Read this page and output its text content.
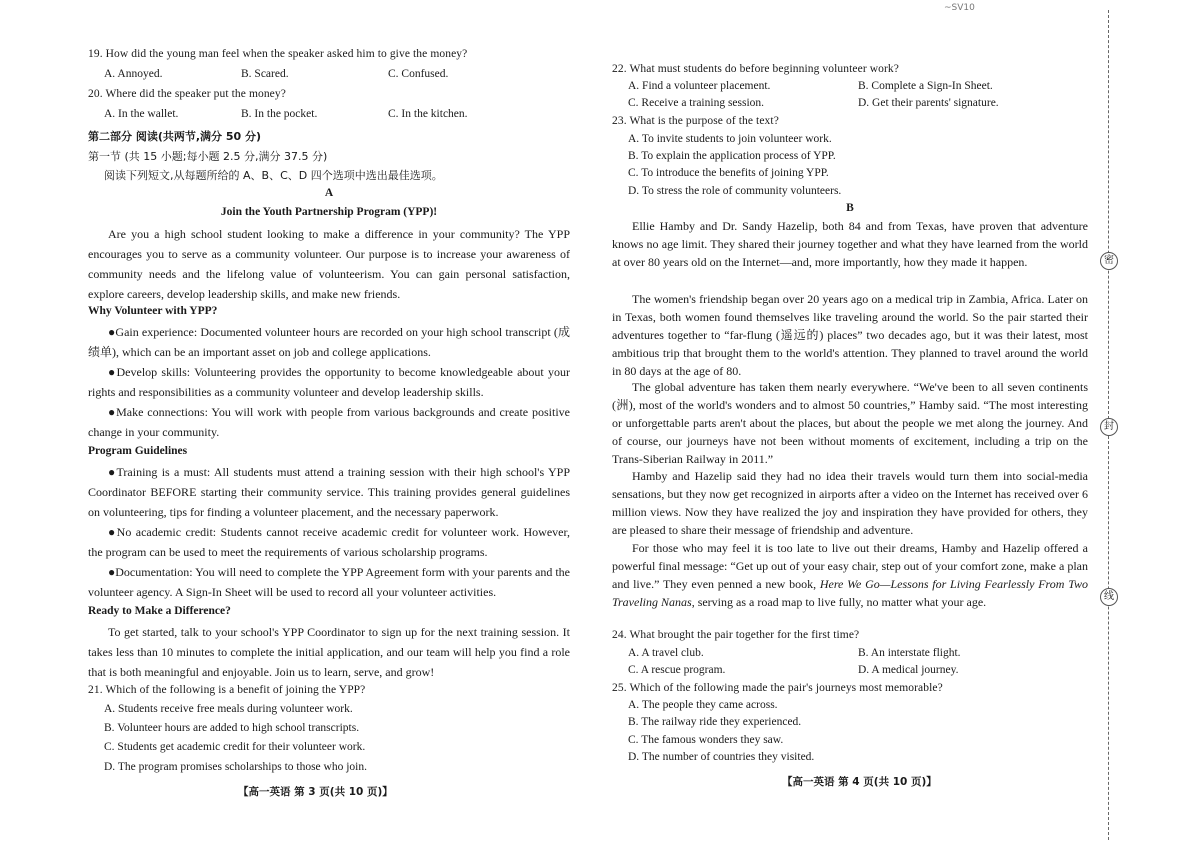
~SV10
19. How did the young man feel when the speaker asked him to give the money?
A. Annoyed.	B. Scared.	C. Confused.
20. Where did the speaker put the money?
A. In the wallet.	B. In the pocket.	C. In the kitchen.
第二部分 阅读(共两节,满分 50 分)
第一节 (共 15 小题;每小题 2.5 分,满分 37.5 分)
阅读下列短文,从每题所给的 A、B、C、D 四个选项中选出最佳选项。
A
Join the Youth Partnership Program (YPP)!
Are you a high school student looking to make a difference in your community? The YPP encourages you to serve as a community volunteer. Our purpose is to increase your awareness of community needs and the lifelong value of volunteerism. You can gain personal satisfaction, explore careers, develop leadership skills, and make new friends.
Why Volunteer with YPP?
●Gain experience: Documented volunteer hours are recorded on your high school transcript (成绩单), which can be an important asset on job and college applications.
●Develop skills: Volunteering provides the opportunity to become knowledgeable about your rights and responsibilities as a community volunteer and develop leadership skills.
●Make connections: You will work with people from various backgrounds and create positive change in your community.
Program Guidelines
●Training is a must: All students must attend a training session with their high school's YPP Coordinator BEFORE starting their community service. This training provides general guidelines on volunteering, tips for finding a volunteer placement, and the necessary paperwork.
●No academic credit: Students cannot receive academic credit for volunteer work. However, the program can be used to meet the requirements of various scholarship programs.
●Documentation: You will need to complete the YPP Agreement form with your parents and the volunteer agency. A Sign-In Sheet will be used to record all your volunteer activities.
Ready to Make a Difference?
To get started, talk to your school's YPP Coordinator to sign up for the next training session. It takes less than 10 minutes to complete the initial application, and our team will help you find a role that is both meaningful and enjoyable. Join us to learn, serve, and grow!
21. Which of the following is a benefit of joining the YPP?
A. Students receive free meals during volunteer work.
B. Volunteer hours are added to high school transcripts.
C. Students get academic credit for their volunteer work.
D. The program promises scholarships to those who join.
【高一英语 第 3 页(共 10 页)】
22. What must students do before beginning volunteer work?
A. Find a volunteer placement.	B. Complete a Sign-In Sheet.
C. Receive a training session.	D. Get their parents' signature.
23. What is the purpose of the text?
A. To invite students to join volunteer work.
B. To explain the application process of YPP.
C. To introduce the benefits of joining YPP.
D. To stress the role of community volunteers.
B
Ellie Hamby and Dr. Sandy Hazelip, both 84 and from Texas, have proven that adventure knows no age limit. They shared their journey together and what they have learned from the world at over 80 years old on the Internet—and, more importantly, how they made it happen.
The women's friendship began over 20 years ago on a medical trip in Zambia, Africa. Later on in Texas, both women found themselves like traveling around the world. So the pair started their adventures together to “far-flung (遥远的) places” two decades ago, but it was their latest, most ambitious trip that brought them to the world's attention. They planned to travel around the world in 80 days at the age of 80.
The global adventure has taken them nearly everywhere. “We've been to all seven continents (洲), most of the world's wonders and to almost 50 countries,” Hamby said. “The most interesting or unforgettable parts aren't about the places, but about the people we met along the journey. And of course, our journeys have not been without moments of excitement, including a trip on the Trans-Siberian Railway in 2011.”
Hamby and Hazelip said they had no idea their travels would turn them into social-media sensations, but they now get recognized in airports after a video on the Internet has received over 6 million views. Now they have realized the joy and inspiration they have provided for others, they are pleased to share their message of friendship and adventure.
For those who may feel it is too late to live out their dreams, Hamby and Hazelip offered a powerful final message: “Get up out of your easy chair, step out of your comfort zone, make a plan and live.” They even penned a new book, Here We Go—Lessons for Living Fearlessly From Two Traveling Nanas, serving as a road map to live fully, no matter what your age.
24. What brought the pair together for the first time?
A. A travel club.	B. An interstate flight.
C. A rescue program.	D. A medical journey.
25. Which of the following made the pair's journeys most memorable?
A. The people they came across.
B. The railway ride they experienced.
C. The famous wonders they saw.
D. The number of countries they visited.
【高一英语 第 4 页(共 10 页)】
密
封
线
